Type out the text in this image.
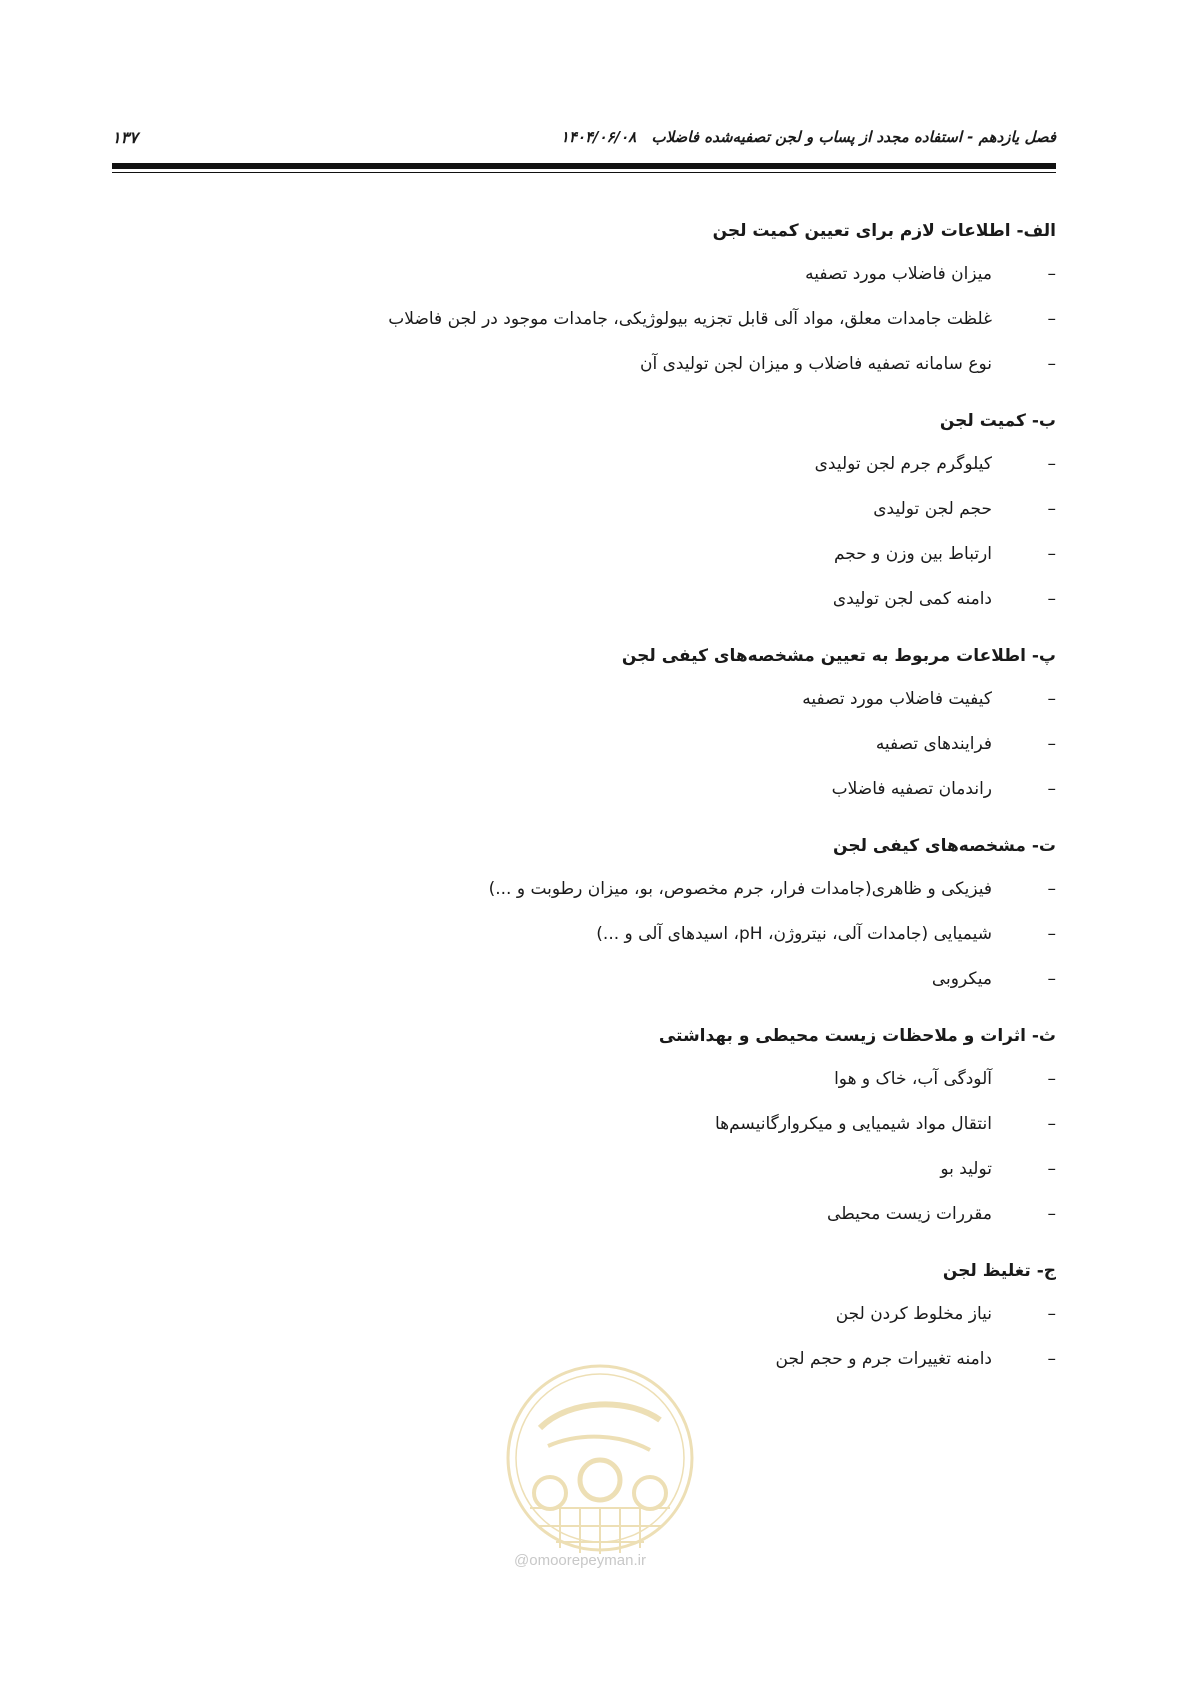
فصل یازدهم - استفاده مجدد از پساب و لجن تصفیه‌شده فاضلاب ۱۴۰۴/۰۶/۰۸
۱۳۷
الف- اطلاعات لازم برای تعیین کمیت لجن
–
میزان فاضلاب مورد تصفیه
–
غلظت جامدات معلق، مواد آلی قابل تجزیه بیولوژیکی، جامدات موجود در لجن فاضلاب
–
نوع سامانه تصفیه فاضلاب و میزان لجن تولیدی آن
ب- کمیت لجن
–
کیلوگرم جرم لجن تولیدی
–
حجم لجن تولیدی
–
ارتباط بین وزن و حجم
–
دامنه کمی لجن تولیدی
پ- اطلاعات مربوط به تعیین مشخصه‌های کیفی لجن
–
کیفیت فاضلاب مورد تصفیه
–
فرایندهای تصفیه
–
راندمان تصفیه فاضلاب
ت- مشخصه‌های کیفی لجن
–
فیزیکی و ظاهری(جامدات فرار، جرم مخصوص، بو، میزان رطوبت و ...)
–
شیمیایی (جامدات آلی، نیتروژن، pH، اسیدهای آلی و ...)
–
میکروبی
ث- اثرات و ملاحظات زیست محیطی و بهداشتی
–
آلودگی آب، خاک و هوا
–
انتقال مواد شیمیایی و میکروارگانیسم‌ها
–
تولید بو
–
مقررات زیست محیطی
ج- تغلیظ لجن
–
نیاز مخلوط کردن لجن
–
دامنه تغییرات جرم و حجم لجن
@omoorepeyman.ir
